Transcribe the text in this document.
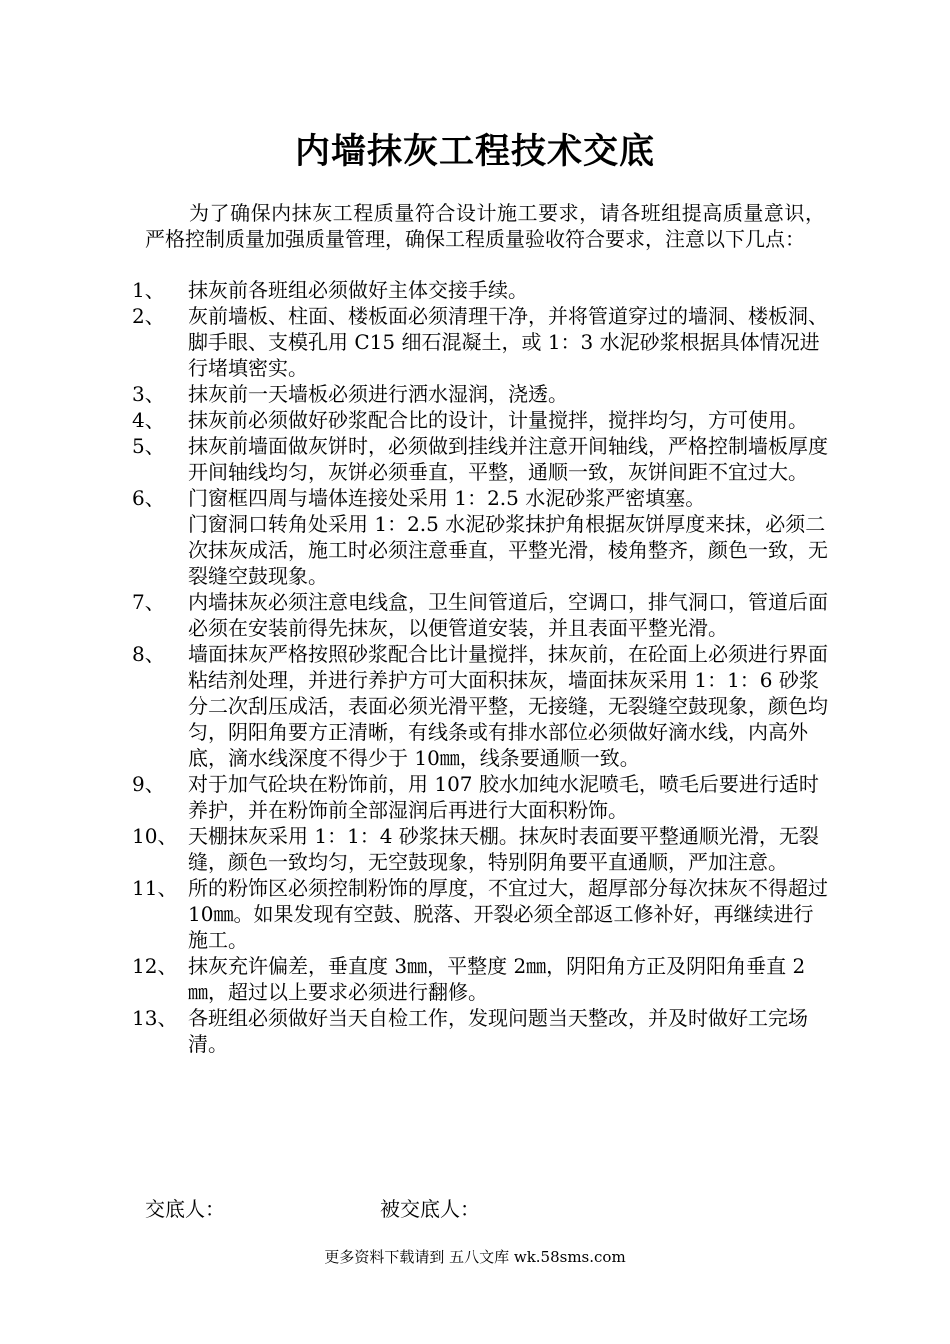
内墙抹灰工程技术交底
为了确保内抹灰工程质量符合设计施工要求，请各班组提高质量意识，严格控制质量加强质量管理，确保工程质量验收符合要求，注意以下几点：
1、	抹灰前各班组必须做好主体交接手续。
2、	灰前墙板、柱面、楼板面必须清理干净，并将管道穿过的墙洞、楼板洞、脚手眼、支模孔用 C15 细石混凝土，或 1：3 水泥砂浆根据具体情况进行堵填密实。
3、	抹灰前一天墙板必须进行洒水湿润，浇透。
4、	抹灰前必须做好砂浆配合比的设计，计量搅拌，搅拌均匀，方可使用。
5、	抹灰前墙面做灰饼时，必须做到挂线并注意开间轴线，严格控制墙板厚度开间轴线均匀，灰饼必须垂直，平整，通顺一致，灰饼间距不宜过大。
6、	门窗框四周与墙体连接处采用 1：2.5 水泥砂浆严密填塞。
门窗洞口转角处采用 1：2.5 水泥砂浆抹护角根据灰饼厚度来抹，必须二次抹灰成活，施工时必须注意垂直，平整光滑，棱角整齐，颜色一致，无裂缝空鼓现象。
7、	内墙抹灰必须注意电线盒，卫生间管道后，空调口，排气洞口，管道后面必须在安装前得先抹灰，以便管道安装，并且表面平整光滑。
8、	墙面抹灰严格按照砂浆配合比计量搅拌，抹灰前，在砼面上必须进行界面粘结剂处理，并进行养护方可大面积抹灰，墙面抹灰采用 1：1：6 砂浆分二次刮压成活，表面必须光滑平整，无接缝，无裂缝空鼓现象，颜色均匀，阴阳角要方正清晰，有线条或有排水部位必须做好滴水线，内高外底，滴水线深度不得少于 10㎜，线条要通顺一致。
9、	对于加气砼块在粉饰前，用 107 胶水加纯水泥喷毛，喷毛后要进行适时养护，并在粉饰前全部湿润后再进行大面积粉饰。
10、 天棚抹灰采用 1：1：4 砂浆抹天棚。抹灰时表面要平整通顺光滑，无裂缝，颜色一致均匀，无空鼓现象，特别阴角要平直通顺，严加注意。
11、 所的粉饰区必须控制粉饰的厚度，不宜过大，超厚部分每次抹灰不得超过 10㎜。如果发现有空鼓、脱落、开裂必须全部返工修补好，再继续进行施工。
12、 抹灰充许偏差，垂直度 3㎜，平整度 2㎜，阴阳角方正及阴阳角垂直 2㎜，超过以上要求必须进行翻修。
13、 各班组必须做好当天自检工作，发现问题当天整改，并及时做好工完场清。
交底人：	被交底人：
更多资料下载请到 五八文库 wk.58sms.com
